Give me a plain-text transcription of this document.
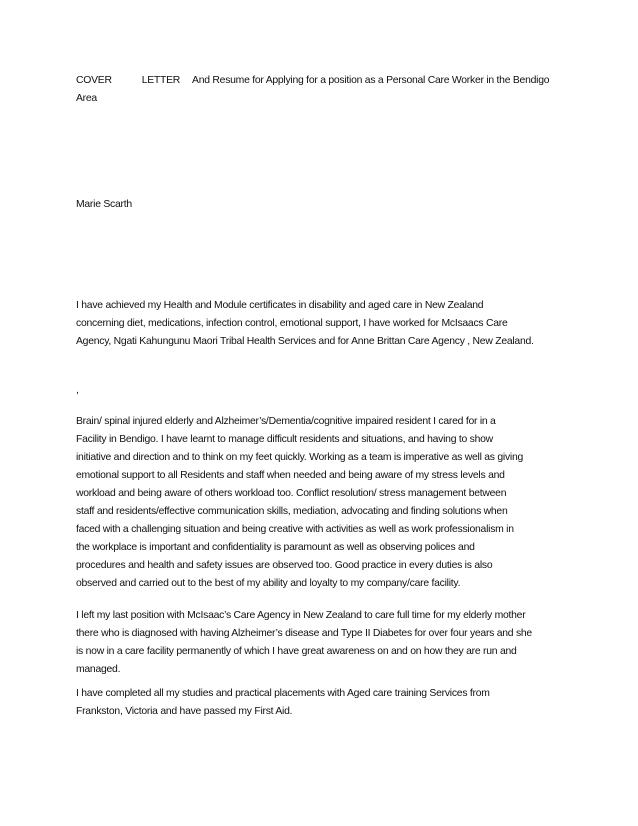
COVER	LETTER And Resume for Applying for a position as a Personal Care Worker in the Bendigo
Area
Marie Scarth
I have achieved my Health and Module certificates in disability and aged care in New Zealand
concerning diet, medications, infection control, emotional support, I have worked for McIsaacs Care
Agency, Ngati Kahungunu Maori Tribal Health Services and for Anne Brittan Care Agency , New Zealand.
,
Brain/ spinal injured elderly and Alzheimer’s/Dementia/cognitive impaired resident I cared for in a
Facility in Bendigo. I have learnt to manage difficult residents and situations, and having to show
initiative and direction and to think on my feet quickly. Working as a team is imperative as well as giving
emotional support to all Residents and staff when needed and being aware of my stress levels and
workload and being aware of others workload too. Conflict resolution/ stress management between
staff and residents/effective communication skills, mediation, advocating and finding solutions when
faced with a challenging situation and being creative with activities as well as work professionalism in
the workplace is important and confidentiality is paramount as well as observing polices and
procedures and health and safety issues are observed too. Good practice in every duties is also
observed and carried out to the best of my ability and loyalty to my company/care facility.
I left my last position with McIsaac’s Care Agency in New Zealand to care full time for my elderly mother
there who is diagnosed with having Alzheimer’s disease and Type II Diabetes for over four years and she
is now in a care facility permanently of which I have great awareness on and on how they are run and
managed.
I have completed all my studies and practical placements with Aged care training Services from
Frankston, Victoria and have passed my First Aid.
